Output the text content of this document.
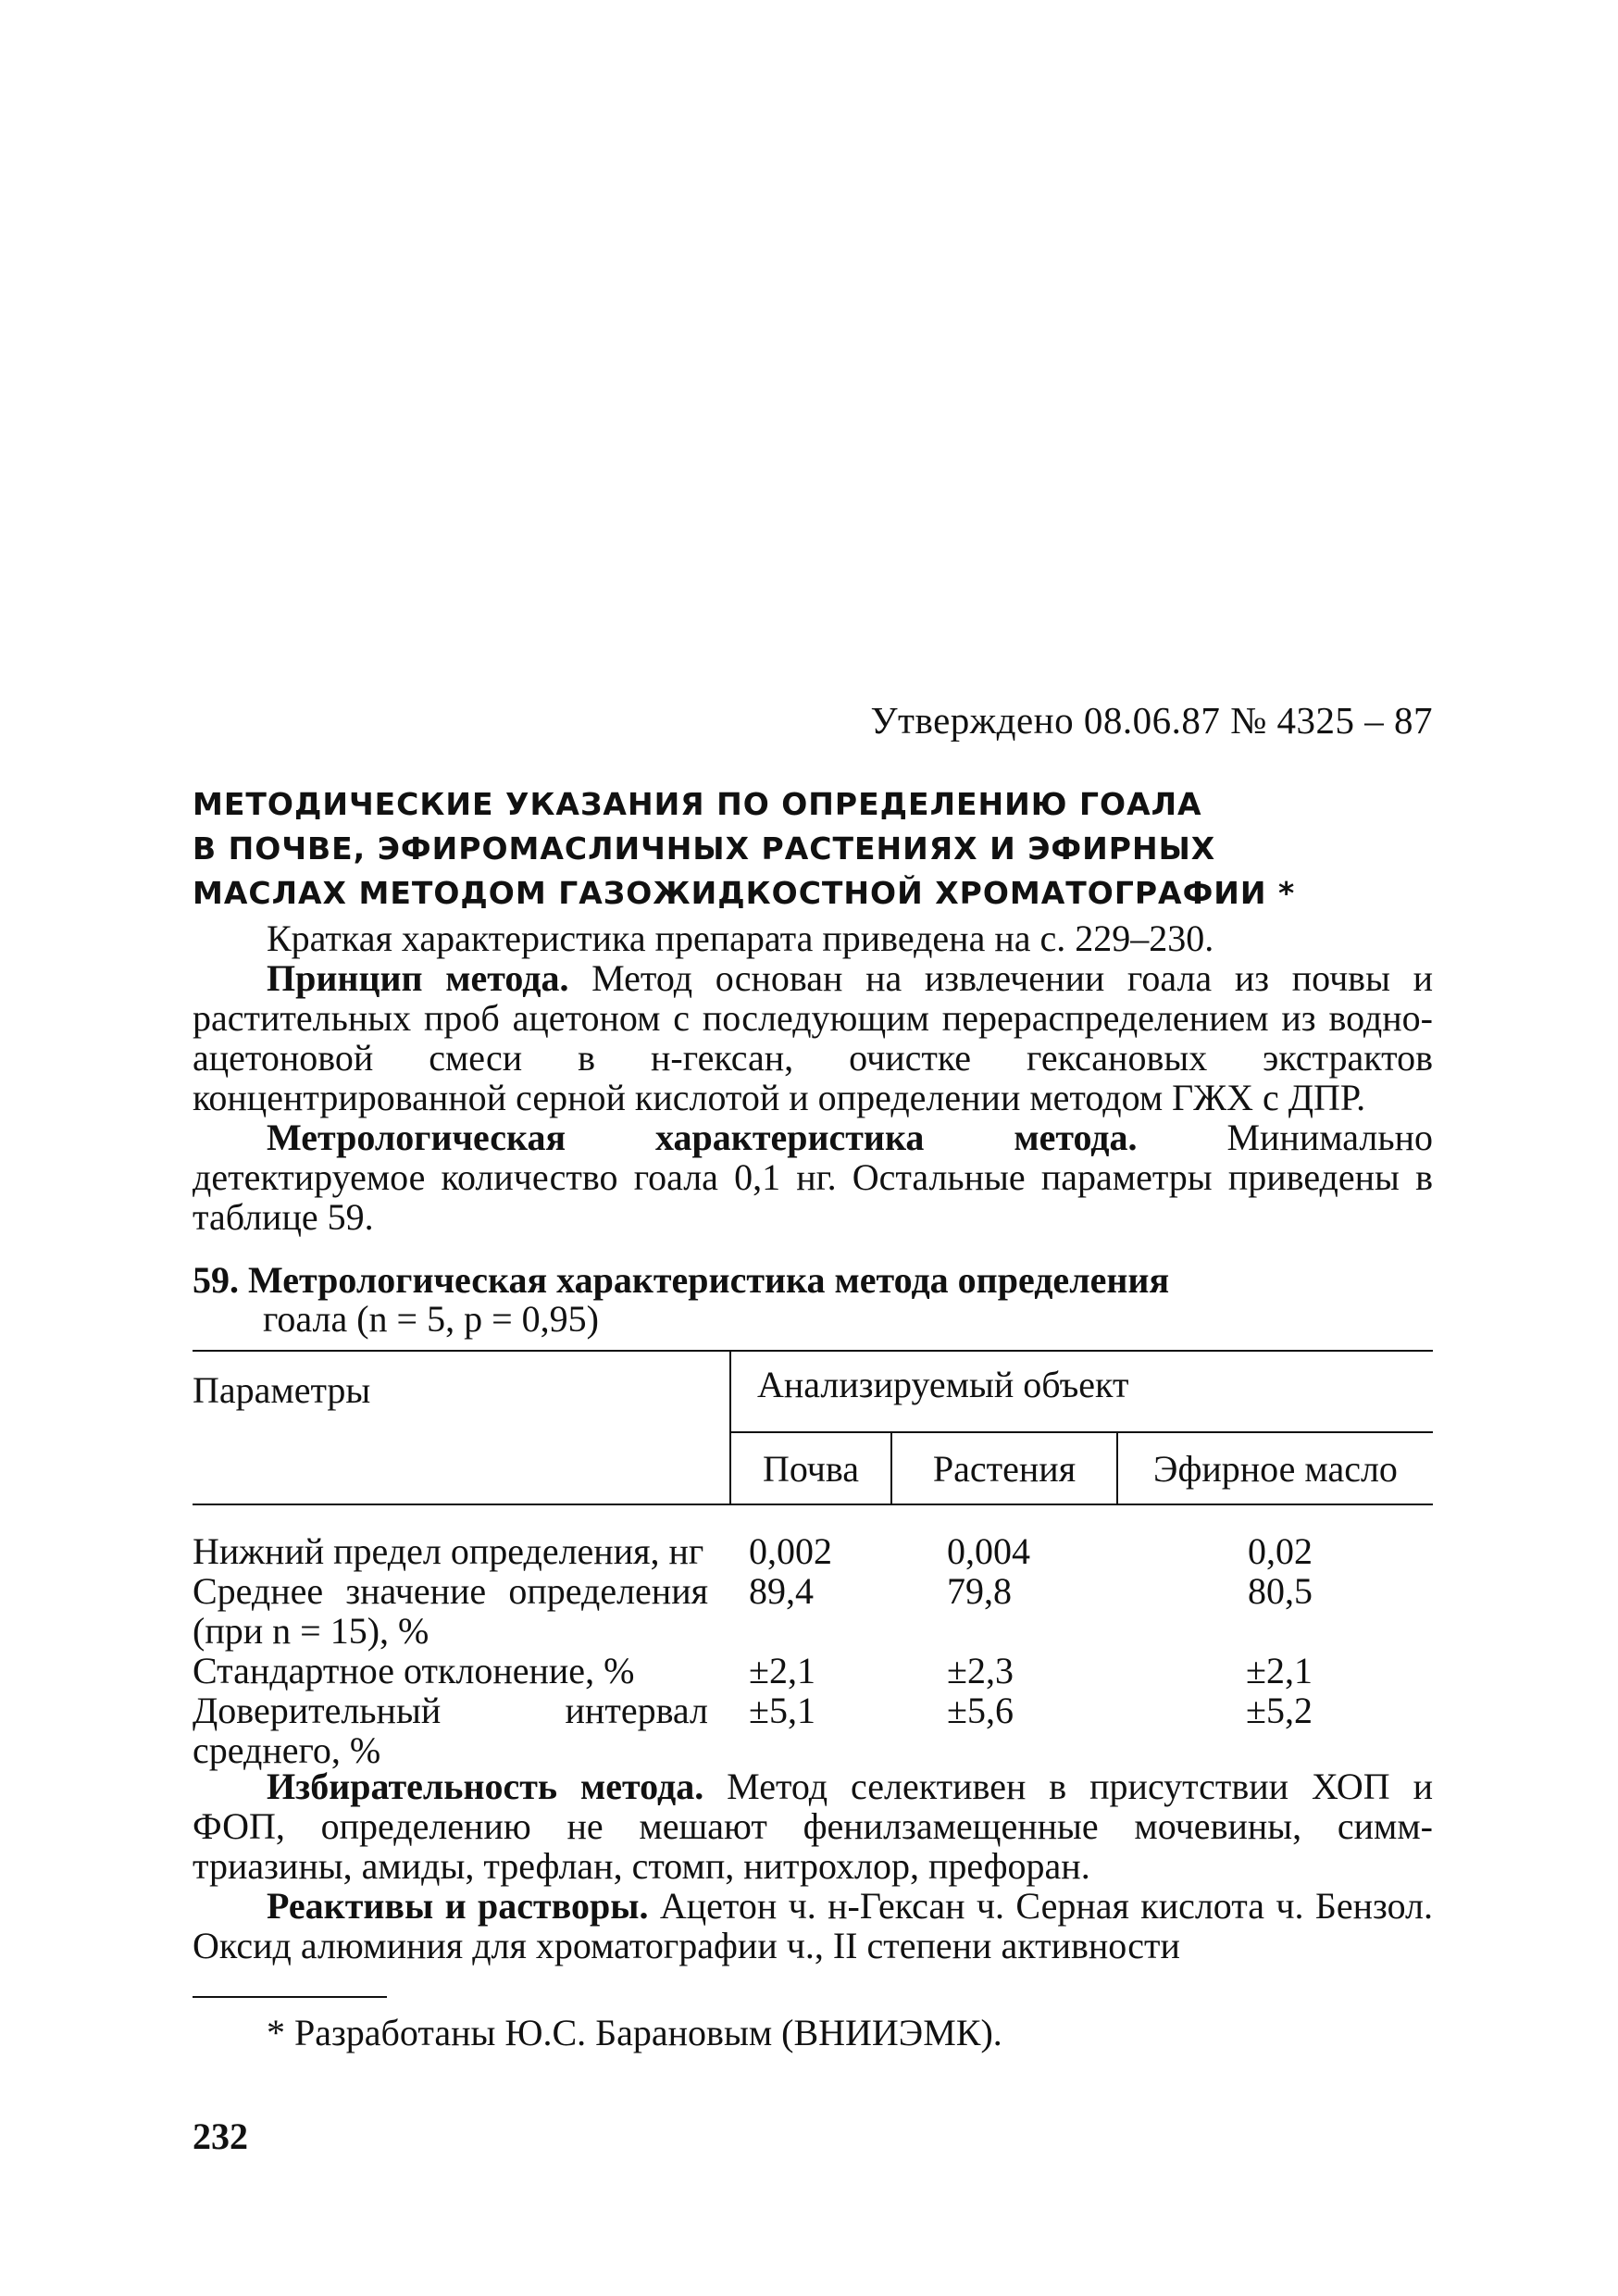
Утверждено 08.06.87 № 4325 – 87
МЕТОДИЧЕСКИЕ УКАЗАНИЯ ПО ОПРЕДЕЛЕНИЮ ГОАЛА
В ПОЧВЕ, ЭФИРОМАСЛИЧНЫХ РАСТЕНИЯХ И ЭФИРНЫХ
МАСЛАХ МЕТОДОМ ГАЗОЖИДКОСТНОЙ ХРОМАТОГРАФИИ *

Краткая характеристика препарата приведена на с. 229–230.

Принцип метода. Метод основан на извлечении гоала из почвы и растительных проб ацетоном с последующим перераспределением из водно-ацетоновой смеси в н-гексан, очистке гексановых экстрактов концентрированной серной кислотой и определении методом ГЖХ с ДПР.

Метрологическая характеристика метода. Минимально детектируемое количество гоала 0,1 нг. Остальные параметры приведены в таблице 59.

59. Метрологическая характеристика метода определения
гоала (n = 5, p = 0,95)
Параметры	Анализируемый объект		
	Почва	Растения	Эфирное масло
Нижний предел определения, нг	0,002	0,004	0,02
Среднее значение определения (при n = 15), %	89,4	79,8	80,5
Стандартное отклонение, %	±2,1	±2,3	±2,1
Доверительный интервал среднего, %	±5,1	±5,6	±5,2

Избирательность метода. Метод селективен в присутствии ХОП и ФОП, определению не мешают фенилзамещенные мочевины, симм-триазины, амиды, трефлан, стомп, нитрохлор, префоран.

Реактивы и растворы. Ацетон ч. н-Гексан ч. Серная кислота ч. Бензол. Оксид алюминия для хроматографии ч., II степени активности

* Разработаны Ю.С. Барановым (ВНИИЭМК).
232
